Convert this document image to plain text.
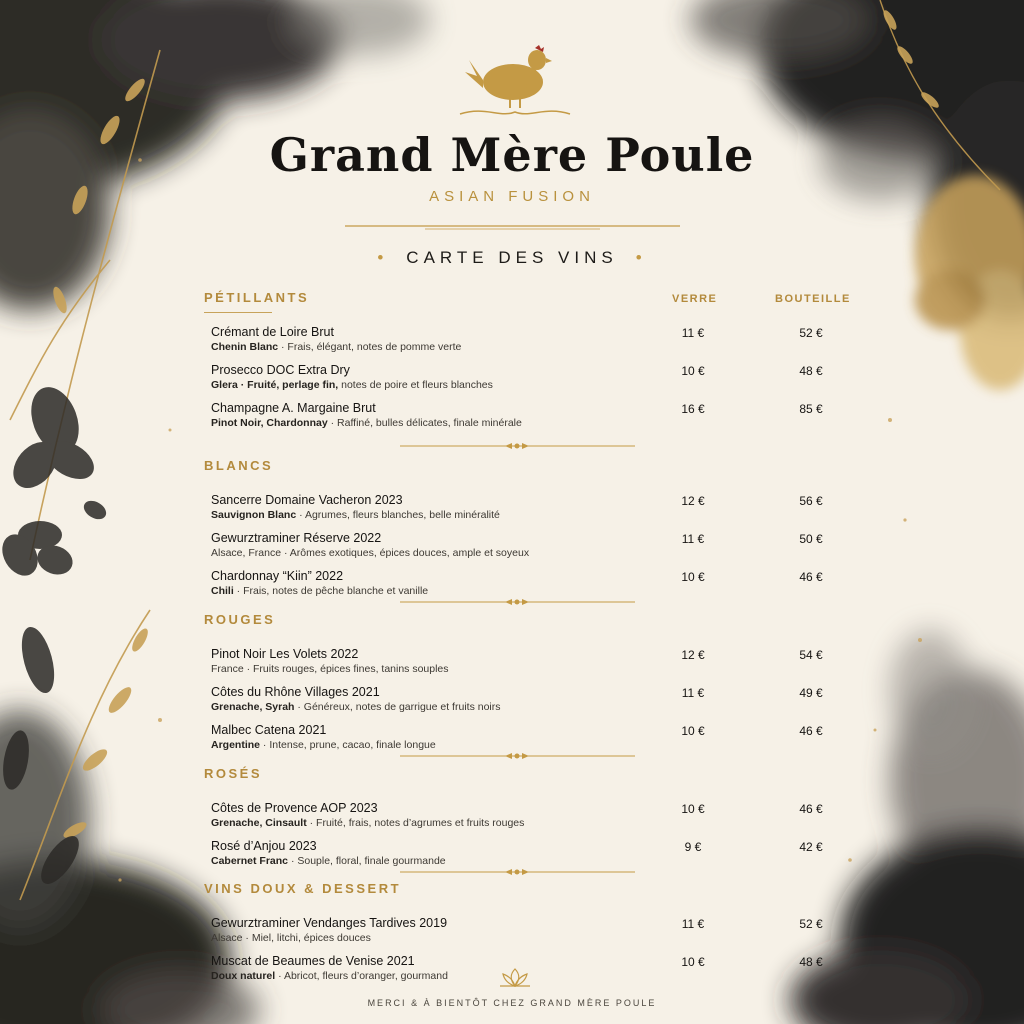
Grand Mère Poule
ASIAN FUSION
• CARTE DES VINS •
VERRE	BOUTEILLE
PÉTILLANTS
Crémant de Loire Brut
Chenin Blanc · Frais, élégant, notes de pomme verte
11 €	52 €
Prosecco DOC Extra Dry
Glera · Fruité, perlage fin, notes de poire et fleurs blanches
10 €	48 €
Champagne A. Margaine Brut
Pinot Noir, Chardonnay · Raffiné, bulles délicates, finale minérale
16 €	85 €
BLANCS
Sancerre Domaine Vacheron 2023
Sauvignon Blanc · Agrumes, fleurs blanches, belle minéralité
12 €	56 €
Gewurztraminer Réserve 2022
Alsace, France · Arômes exotiques, épices douces, ample et soyeux
11 €	50 €
Chardonnay “Kiin” 2022
Chili · Frais, notes de pêche blanche et vanille
10 €	46 €
ROUGES
Pinot Noir Les Volets 2022
France · Fruits rouges, épices fines, tanins souples
12 €	54 €
Côtes du Rhône Villages 2021
Grenache, Syrah · Généreux, notes de garrigue et fruits noirs
11 €	49 €
Malbec Catena 2021
Argentine · Intense, prune, cacao, finale longue
10 €	46 €
ROSÉS
Côtes de Provence AOP 2023
Grenache, Cinsault · Fruité, frais, notes d’agrumes et fruits rouges
10 €	46 €
Rosé d’Anjou 2023
Cabernet Franc · Souple, floral, finale gourmande
9 €	42 €
VINS DOUX & DESSERT
Gewurztraminer Vendanges Tardives 2019
Alsace · Miel, litchi, épices douces
11 €	52 €
Muscat de Beaumes de Venise 2021
Doux naturel · Abricot, fleurs d’oranger, gourmand
10 €	48 €
MERCI & À BIENTÔT CHEZ GRAND MÈRE POULE
